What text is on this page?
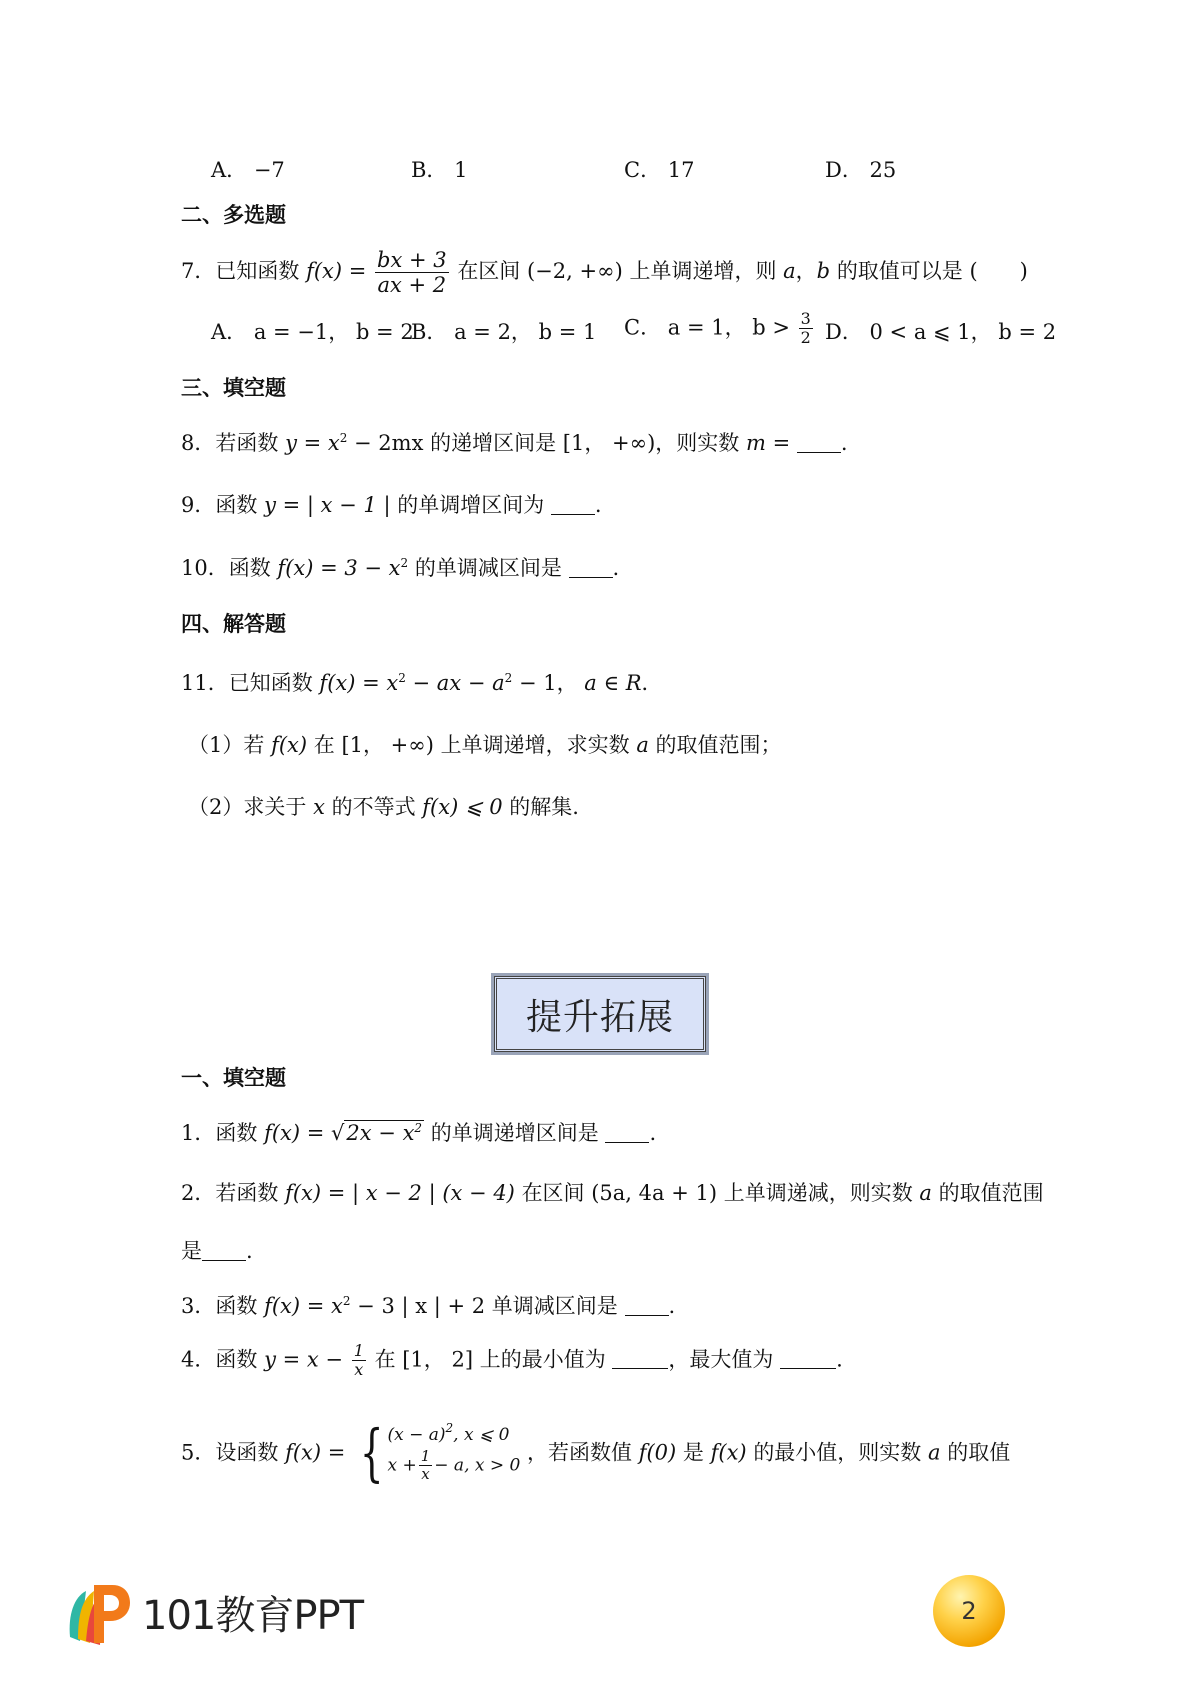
A． −7	B． 1	C． 17	D． 25
二、多选题
7．已知函数 $f(x) = \frac{bx + 3}{ax + 2}$ 在区间 (−2, +∞) 上单调递增，则 a，b 的取值可以是 (　　)
A． a = −1， b = 2
B． a = 2， b = 1 C． a = 1， $b > \frac{3}{2}$ D． 0 < a ⩽ 1， b = 2
三、填空题
8．若函数 $y = x^2 - 2mx$ 的递增区间是 [1， +∞)，则实数 m = .
9．函数 y = | x − 1 | 的单调增区间为 .
10．函数 $f(x) = 3 - x^2$ 的单调减区间是 .
四、解答题
11．已知函数 $f(x) = x^2$ − ax − $a^2 - 1$， a ∈ R．
（1）若 f(x) 在 [1， +∞) 上单调递增，求实数 a 的取值范围；
（2）求关于 x 的不等式 f(x) ⩽ 0 的解集.
提升拓展
一、填空题
1．函数 $f(x) = √2x - x^2$ 的单调递增区间是 .
2．若函数 f(x) = | x − 2 | (x − 4) 在区间 (5a, 4a + 1) 上单调递减，则实数 a 的取值范围
是 .
3．函数 $f(x) = x^2 - 3$ | x | + 2 单调减区间是 .
4．函数 $y = x - \frac{1}{x}$ 在 [1， 2] 上的最小值为	，最大值为	.
5．设函数 f(x) = { $(x - a)^2$, x ⩽ 0
$x + \frac{1}{x} - a$, x > 0
，若函数值 f(0) 是 f(x) 的最小值，则实数 a 的取值
101教育PPT	2
